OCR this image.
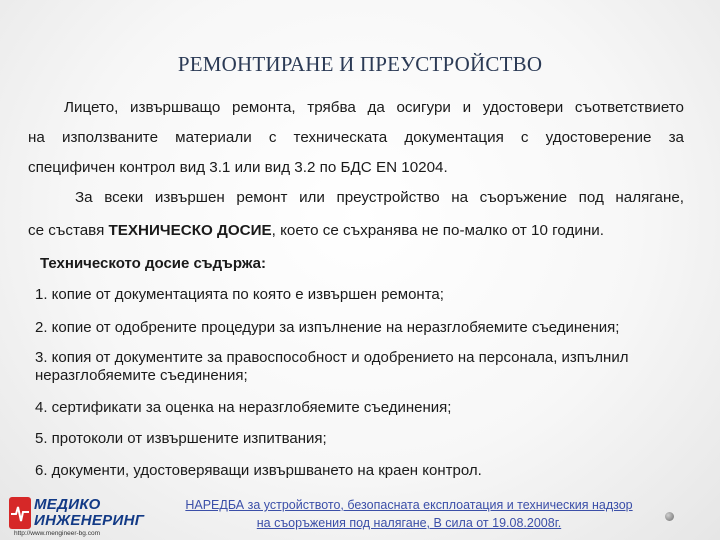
РЕМОНТИРАНЕ И ПРЕУСТРОЙСТВО
Лицето, извършващо ремонта, трябва да осигури и удостовери съответствието
на използваните материали с техническата документация с удостоверение за
специфичен контрол вид 3.1 или вид 3.2 по БДС EN 10204.
За всеки извършен ремонт или преустройство на съоръжение под налягане,
се съставя ТЕХНИЧЕСКО ДОСИЕ, което се съхранява не по-малко от 10 години.
Техническото досие съдържа:
1. копие от документацията по която е извършен ремонта;
2. копие от одобрените процедури за изпълнение на неразглобяемите съединения;
3. копия от документите за правоспособност и одобрението на персонала, изпълнил неразглобяемите съединения;
4. сертификати за оценка на неразглобяемите съединения;
5. протоколи от извършените изпитвания;
6. документи, удостоверяващи извършването на краен контрол.
МЕДИКО
ИНЖЕНЕРИНГ
http://www.mengineer-bg.com
НАРЕДБА за устройството, безопасната експлоатация и техническия надзор
на съоръжения под налягане, В сила от 19.08.2008г.
